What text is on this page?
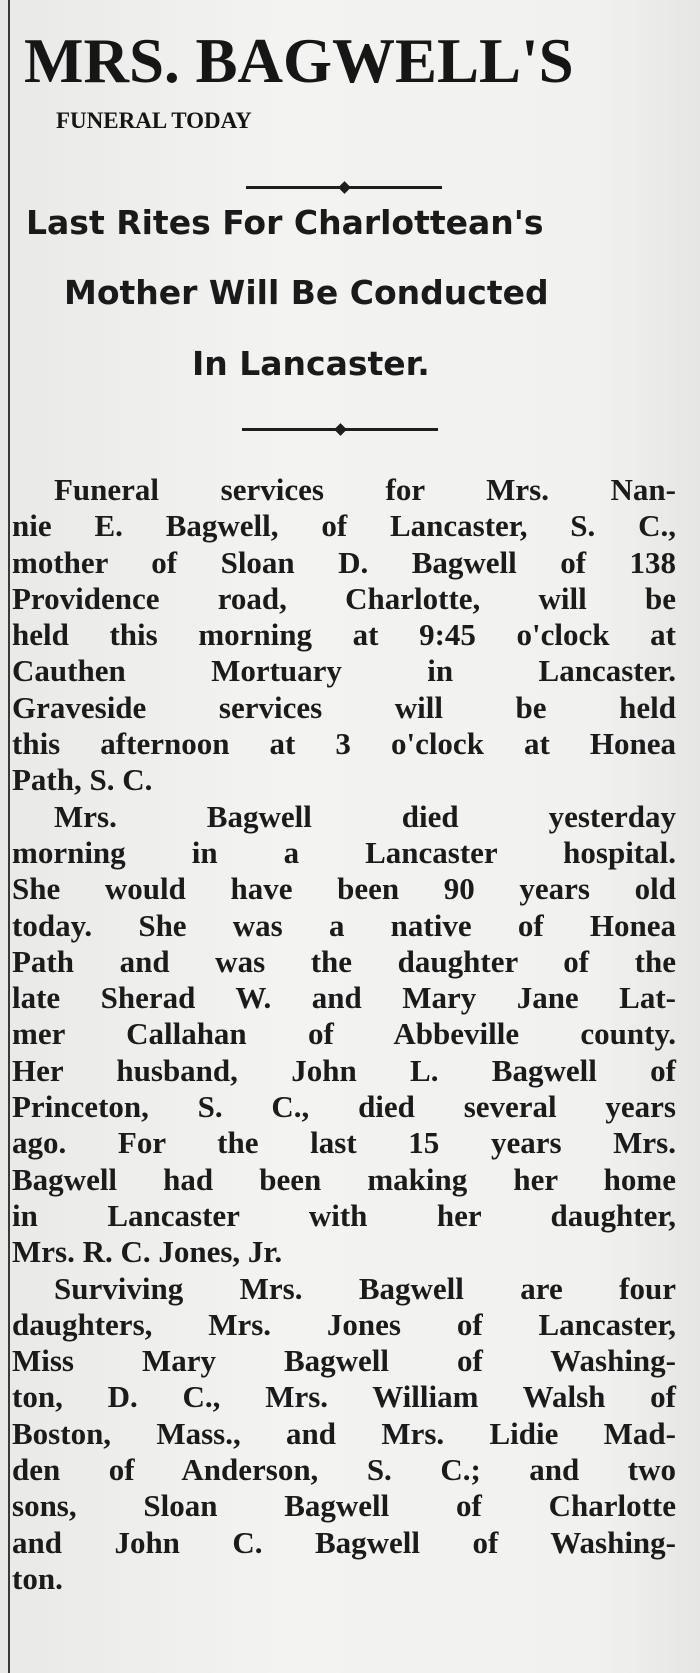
MRS. BAGWELL'S
FUNERAL TODAY
Last Rites For Charlottean's
Mother Will Be Conducted
In Lancaster.
Funeral services for Mrs. Nan-
nie E. Bagwell, of Lancaster, S. C.,
mother of Sloan D. Bagwell of 138
Providence road, Charlotte, will be
held this morning at 9:45 o'clock at
Cauthen Mortuary in Lancaster.
Graveside services will be held
this afternoon at 3 o'clock at Honea
Path, S. C.
Mrs. Bagwell died yesterday
morning in a Lancaster hospital.
She would have been 90 years old
today. She was a native of Honea
Path and was the daughter of the
late Sherad W. and Mary Jane Lat-
mer Callahan of Abbeville county.
Her husband, John L. Bagwell of
Princeton, S. C., died several years
ago. For the last 15 years Mrs.
Bagwell had been making her home
in Lancaster with her daughter,
Mrs. R. C. Jones, Jr.
Surviving Mrs. Bagwell are four
daughters, Mrs. Jones of Lancaster,
Miss Mary Bagwell of Washing-
ton, D. C., Mrs. William Walsh of
Boston, Mass., and Mrs. Lidie Mad-
den of Anderson, S. C.; and two
sons, Sloan Bagwell of Charlotte
and John C. Bagwell of Washing-
ton.
